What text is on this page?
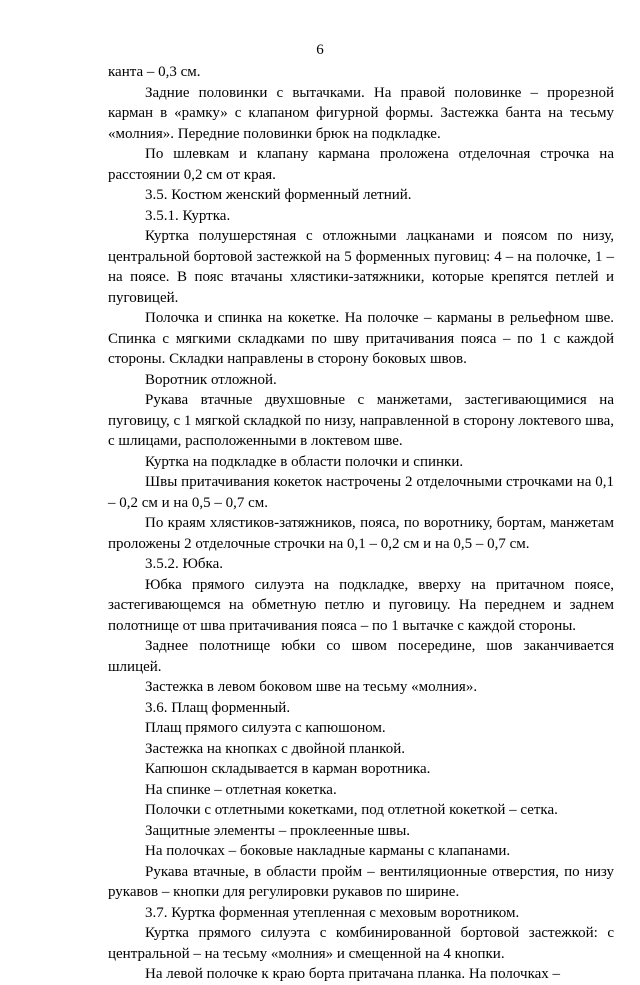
6

канта – 0,3 см.

Задние половинки с вытачками. На правой половинке – прорезной карман в «рамку» с клапаном фигурной формы. Застежка банта на тесьму «молния». Передние половинки брюк на подкладке.

По шлевкам и клапану кармана проложена отделочная строчка на расстоянии 0,2 см от края.

3.5. Костюм женский форменный летний.

3.5.1. Куртка.

Куртка полушерстяная с отложными лацканами и поясом по низу, центральной бортовой застежкой на 5 форменных пуговиц: 4 – на полочке, 1 – на поясе. В пояс втачаны хлястики-затяжники, которые крепятся петлей и пуговицей.

Полочка и спинка на кокетке. На полочке – карманы в рельефном шве. Спинка с мягкими складками по шву притачивания пояса – по 1 с каждой стороны. Складки направлены в сторону боковых швов.

Воротник отложной.

Рукава втачные двухшовные с манжетами, застегивающимися на пуговицу, с 1 мягкой складкой по низу, направленной в сторону локтевого шва, с шлицами, расположенными в локтевом шве.

Куртка на подкладке в области полочки и спинки.

Швы притачивания кокеток настрочены 2 отделочными строчками на 0,1 – 0,2 см и на 0,5 – 0,7 см.

По краям хлястиков-затяжников, пояса, по воротнику, бортам, манжетам проложены 2 отделочные строчки на 0,1 – 0,2 см и на 0,5 – 0,7 см.

3.5.2. Юбка.

Юбка прямого силуэта на подкладке, вверху на притачном поясе, застегивающемся на обметную петлю и пуговицу. На переднем и заднем полотнище от шва притачивания пояса – по 1 вытачке с каждой стороны.

Заднее полотнище юбки со швом посередине, шов заканчивается шлицей.

Застежка в левом боковом шве на тесьму «молния».

3.6. Плащ форменный.

Плащ прямого силуэта с капюшоном.

Застежка на кнопках с двойной планкой.

Капюшон складывается в карман воротника.

На спинке – отлетная кокетка.

Полочки с отлетными кокетками, под отлетной кокеткой – сетка.

Защитные элементы – проклеенные швы.

На полочках – боковые накладные карманы с клапанами.

Рукава втачные, в области пройм – вентиляционные отверстия, по низу рукавов – кнопки для регулировки рукавов по ширине.

3.7. Куртка форменная утепленная с меховым воротником.

Куртка прямого силуэта с комбинированной бортовой застежкой: с центральной – на тесьму «молния» и смещенной на 4 кнопки.

На левой полочке к краю борта притачана планка. На полочках –
